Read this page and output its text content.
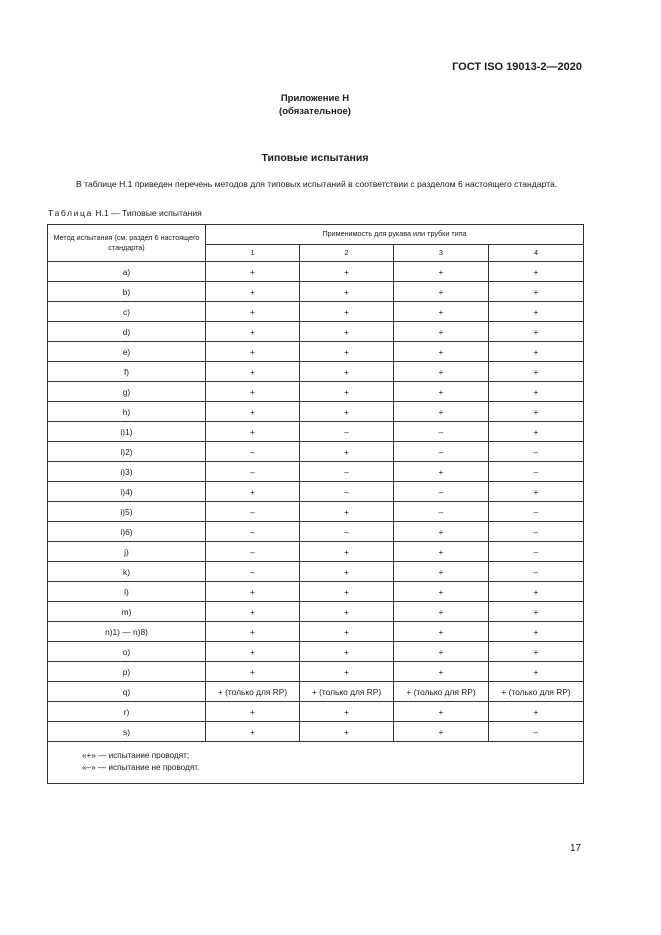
ГОСТ ISO 19013-2—2020
Приложение Н
(обязательное)
Типовые испытания
В таблице Н.1 приведен перечень методов для типовых испытаний в соответствии с разделом 6 настоящего стандарта.
Таблица Н.1 — Типовые испытания
Метод испытания (см. раздел 6 настоящего стандарта)	Применимость для рукава или трубки типа			
	1	2	3	4
a)	+	+	+	+
b)	+	+	+	+
c)	+	+	+	+
d)	+	+	+	+
e)	+	+	+	+
f)	+	+	+	+
g)	+	+	+	+
h)	+	+	+	+
i)1)	+	–	–	+
i)2)	–	+	–	–
i)3)	–	–	+	–
i)4)	+	–	–	+
i)5)	–	+	–	–
i)6)	–	–	+	–
j)	–	+	+	–
k)	–	+	+	–
l)	+	+	+	+
m)	+	+	+	+
n)1) — n)8)	+	+	+	+
o)	+	+	+	+
p)	+	+	+	+
q)	+ (только для RP)	+ (только для RP)	+ (только для RP)	+ (только для RP)
r)	+	+	+	+
s)	+	+	+	–

«+» — испытание проводят;
«–» — испытание не проводят.				
17
